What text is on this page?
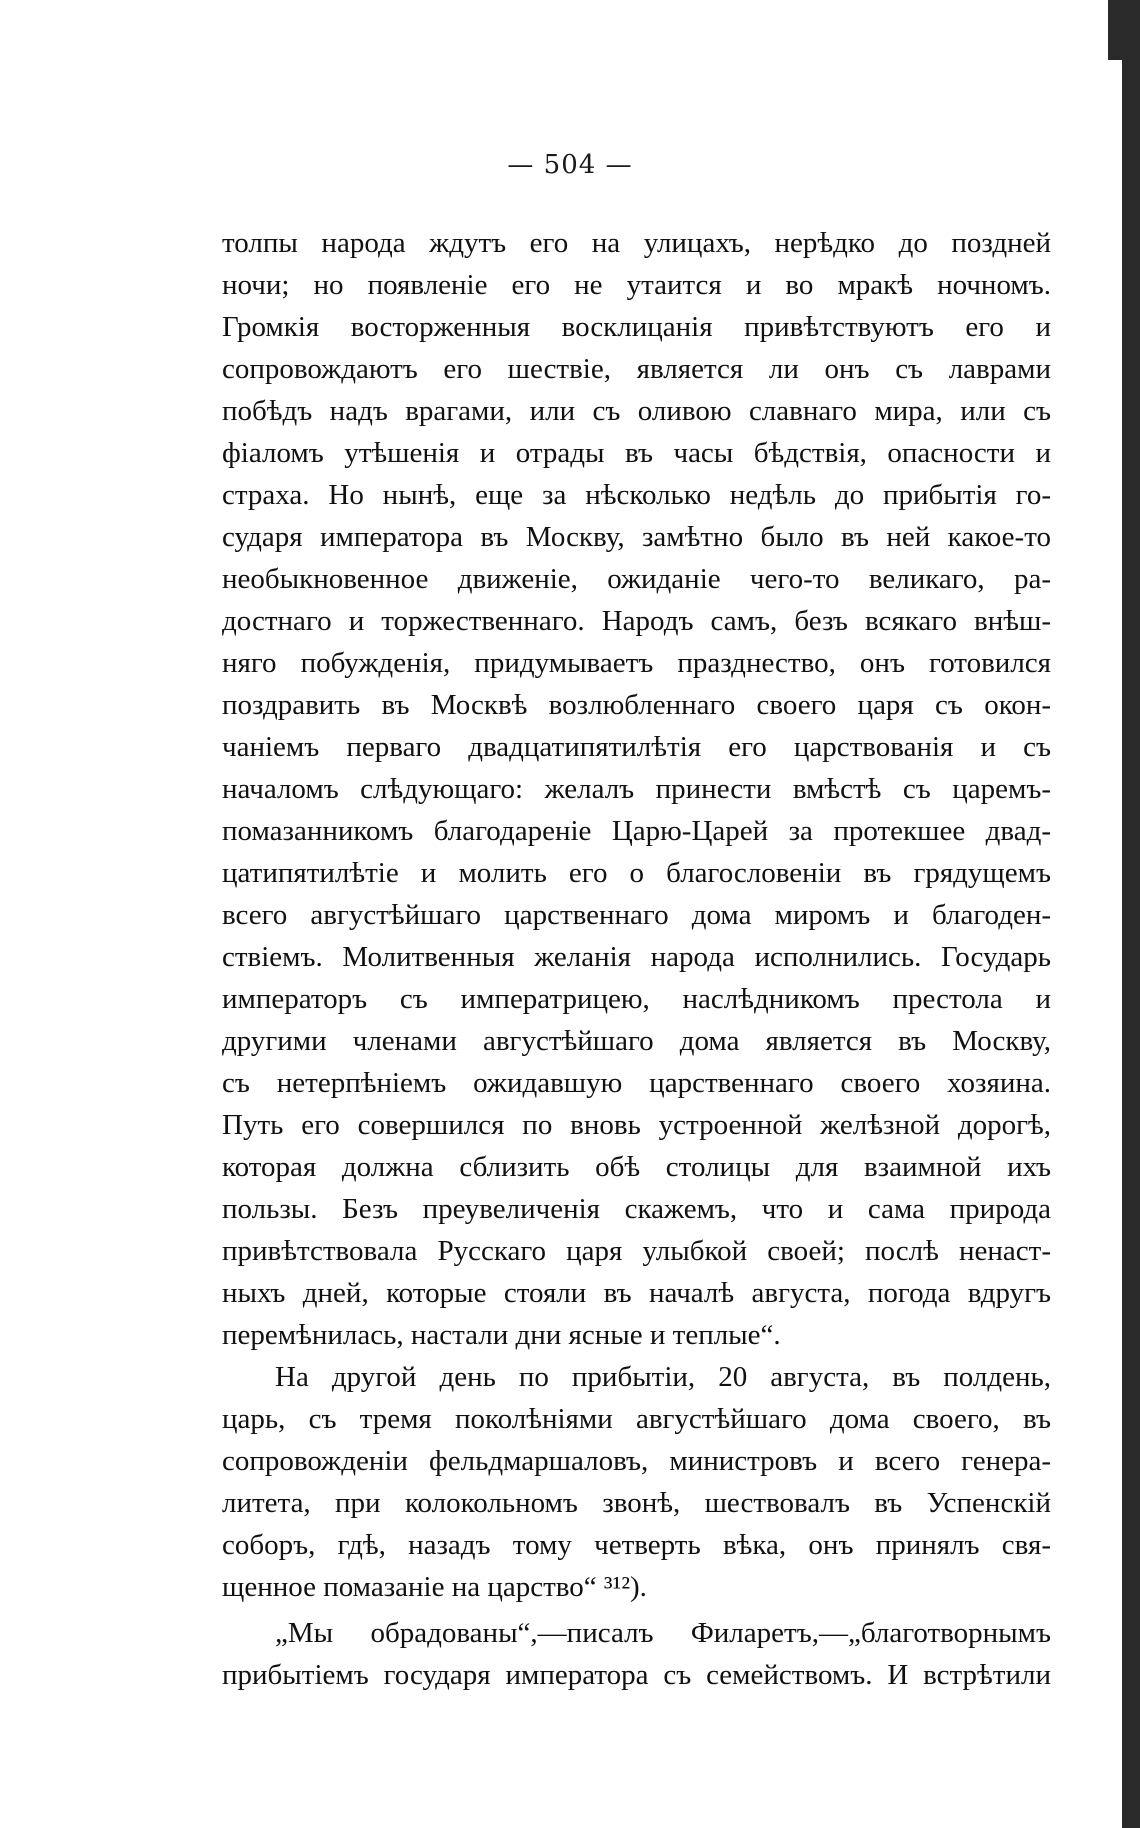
— 504 —
толпы народа ждутъ его на улицахъ, нерѣдко до поздней
ночи; но появленіе его не утаится и во мракѣ ночномъ.
Громкія восторженныя восклицанія привѣтствуютъ его и
сопровождаютъ его шествіе, является ли онъ съ лаврами
побѣдъ надъ врагами, или съ оливою славнаго мира, или съ
фіаломъ утѣшенія и отрады въ часы бѣдствія, опасности и
страха. Но нынѣ, еще за нѣсколько недѣль до прибытія го-
сударя императора въ Москву, замѣтно было въ ней какое-то
необыкновенное движеніе, ожиданіе чего-то великаго, ра-
достнаго и торжественнаго. Народъ самъ, безъ всякаго внѣш-
няго побужденія, придумываетъ празднество, онъ готовился
поздравить въ Москвѣ возлюбленнаго своего царя съ окон-
чаніемъ перваго двадцатипятилѣтія его царствованія и съ
началомъ слѣдующаго: желалъ принести вмѣстѣ съ царемъ-
помазанникомъ благодареніе Царю-Царей за протекшее двад-
цатипятилѣтіе и молить его о благословеніи въ грядущемъ
всего августѣйшаго царственнаго дома миромъ и благоден-
ствіемъ. Молитвенныя желанія народа исполнились. Государь
императоръ съ императрицею, наслѣдникомъ престола и
другими членами августѣйшаго дома является въ Москву,
съ нетерпѣніемъ ожидавшую царственнаго своего хозяина.
Путь его совершился по вновь устроенной желѣзной дорогѣ,
которая должна сблизить обѣ столицы для взаимной ихъ
пользы. Безъ преувеличенія скажемъ, что и сама природа
привѣтствовала Русскаго царя улыбкой своей; послѣ ненаст-
ныхъ дней, которые стояли въ началѣ августа, погода вдругъ
перемѣнилась, настали дни ясные и теплые“.
На другой день по прибытіи, 20 августа, въ полдень,
царь, съ тремя поколѣніями августѣйшаго дома своего, въ
сопровожденіи фельдмаршаловъ, министровъ и всего генера-
литета, при колокольномъ звонѣ, шествовалъ въ Успенскій
соборъ, гдѣ, назадъ тому четверть вѣка, онъ принялъ свя-
щенное помазаніе на царство“ ³¹²).
„Мы обрадованы“,—писалъ Филаретъ,—„благотворнымъ
прибытіемъ государя императора съ семействомъ. И встрѣтили
